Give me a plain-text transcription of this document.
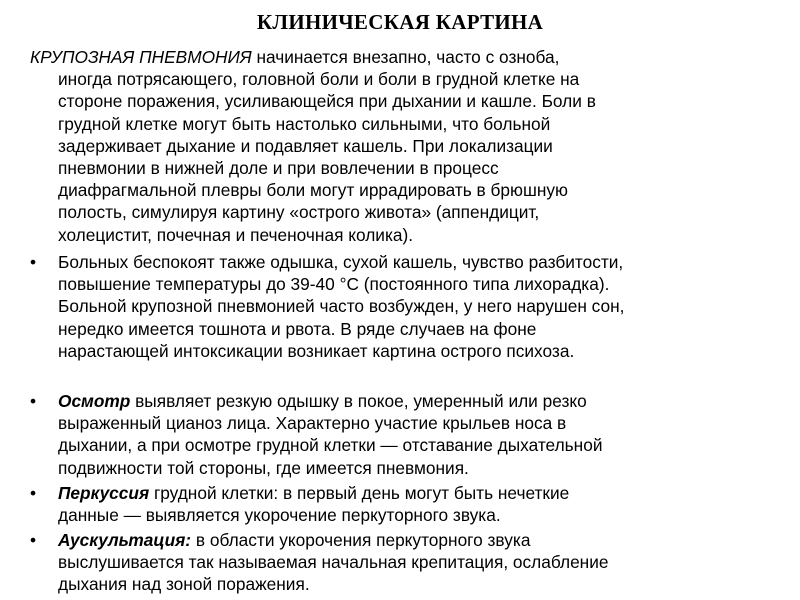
КЛИНИЧЕСКАЯ КАРТИНА
КРУПОЗНАЯ ПНЕВМОНИЯ начинается внезапно, часто с озноба,
иногда потрясающего, головной боли и боли в грудной клетке на
стороне поражения, усиливающейся при дыхании и кашле. Боли в
грудной клетке могут быть настолько сильными, что больной
задерживает дыхание и подавляет кашель. При локализации
пневмонии в нижней доле и при вовлечении в процесс
диафрагмальной плевры боли могут иррадировать в брюшную
полость, симулируя картину «острого живота» (аппендицит,
холецистит, почечная и печеночная колика).
•	Больных беспокоят также одышка, сухой кашель, чувство разбитости,
повышение температуры до 39-40 °С (постоянного типа лихорадка).
Больной крупозной пневмонией часто возбужден, у него нарушен сон,
нередко имеется тошнота и рвота. В ряде случаев на фоне
нарастающей интоксикации возникает картина острого психоза.
•	Осмотр выявляет резкую одышку в покое, умеренный или резко
выраженный цианоз лица. Характерно участие крыльев носа в
дыхании, а при осмотре грудной клетки — отставание дыхательной
подвижности той стороны, где имеется пневмония.
•	Перкуссия грудной клетки: в первый день могут быть нечеткие
данные — выявляется укорочение перкуторного звука.
•	Аускультация: в области укорочения перкуторного звука
выслушивается так называемая начальная крепитация, ослабление
дыхания над зоной поражения.
